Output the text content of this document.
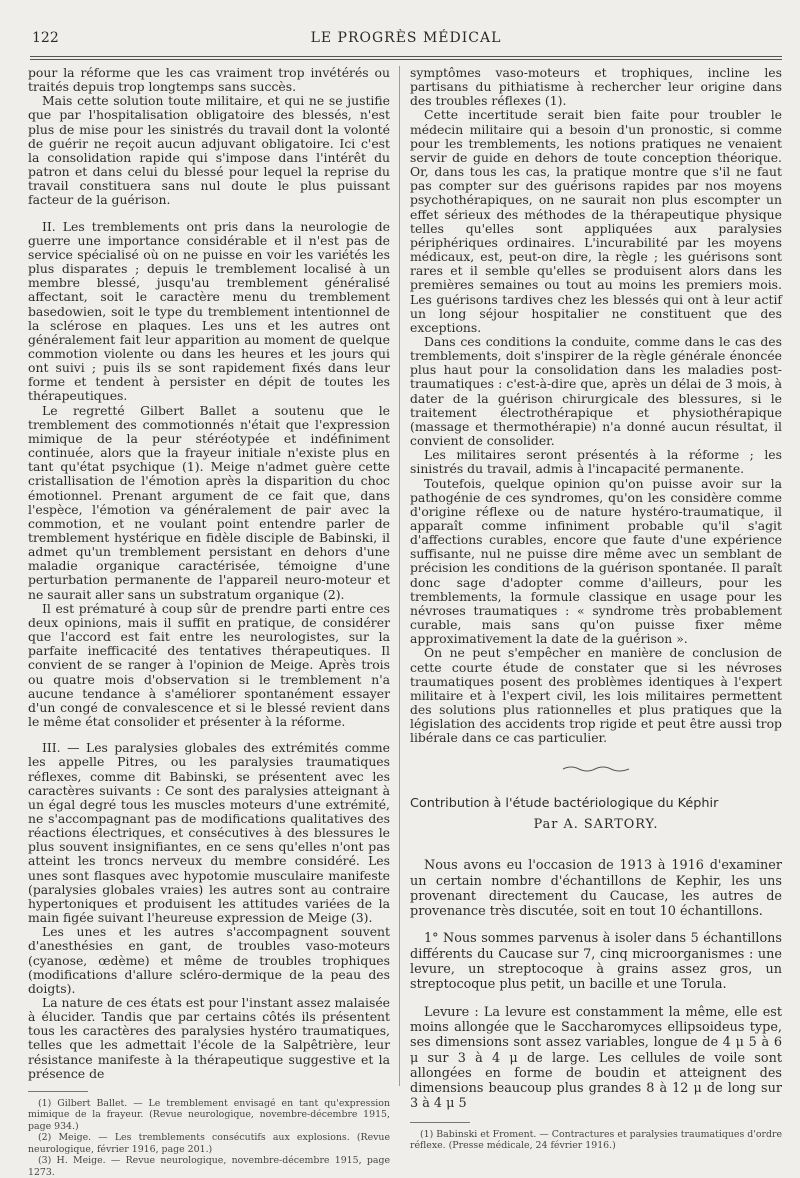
122	LE PROGRÈS MÉDICAL

pour la réforme que les cas vraiment trop invétérés ou traités depuis trop longtemps sans succès.

Mais cette solution toute militaire, et qui ne se justifie que par l'hospitalisation obligatoire des blessés, n'est plus de mise pour les sinistrés du travail dont la volonté de guérir ne reçoit aucun adjuvant obligatoire. Ici c'est la consolidation rapide qui s'impose dans l'intérêt du patron et dans celui du blessé pour lequel la reprise du travail constituera sans nul doute le plus puissant facteur de la guérison.

II. Les tremblements ont pris dans la neurologie de guerre une importance considérable et il n'est pas de service spécialisé où on ne puisse en voir les variétés les plus disparates ; depuis le tremblement localisé à un membre blessé, jusqu'au tremblement généralisé affectant, soit le caractère menu du tremblement basedowien, soit le type du tremblement intentionnel de la sclérose en plaques. Les uns et les autres ont généralement fait leur apparition au moment de quelque commotion violente ou dans les heures et les jours qui ont suivi ; puis ils se sont rapidement fixés dans leur forme et tendent à persister en dépit de toutes les thérapeutiques.

Le regretté Gilbert Ballet a soutenu que le tremblement des commotionnés n'était que l'expression mimique de la peur stéréotypée et indéfiniment continuée, alors que la frayeur initiale n'existe plus en tant qu'état psychique (1). Meige n'admet guère cette cristallisation de l'émotion après la disparition du choc émotionnel. Prenant argument de ce fait que, dans l'espèce, l'émotion va généralement de pair avec la commotion, et ne voulant point entendre parler de tremblement hystérique en fidèle disciple de Babinski, il admet qu'un tremblement persistant en dehors d'une maladie organique caractérisée, témoigne d'une perturbation permanente de l'appareil neuro-moteur et ne saurait aller sans un substratum organique (2).

Il est prématuré à coup sûr de prendre parti entre ces deux opinions, mais il suffit en pratique, de considérer que l'accord est fait entre les neurologistes, sur la parfaite inefficacité des tentatives thérapeutiques. Il convient de se ranger à l'opinion de Meige. Après trois ou quatre mois d'observation si le tremblement n'a aucune tendance à s'améliorer spontanément essayer d'un congé de convalescence et si le blessé revient dans le même état consolider et présenter à la réforme.

III. — Les paralysies globales des extrémités comme les appelle Pitres, ou les paralysies traumatiques réflexes, comme dit Babinski, se présentent avec les caractères suivants : Ce sont des paralysies atteignant à un égal degré tous les muscles moteurs d'une extrémité, ne s'accompagnant pas de modifications qualitatives des réactions électriques, et consécutives à des blessures le plus souvent insignifiantes, en ce sens qu'elles n'ont pas atteint les troncs nerveux du membre considéré. Les unes sont flasques avec hypotomie musculaire manifeste (paralysies globales vraies) les autres sont au contraire hypertoniques et produisent les attitudes variées de la main figée suivant l'heureuse expression de Meige (3).

Les unes et les autres s'accompagnent souvent d'anesthésies en gant, de troubles vaso-moteurs (cyanose, œdème) et même de troubles trophiques (modifications d'allure scléro-dermique de la peau des doigts).

La nature de ces états est pour l'instant assez malaisée à élucider. Tandis que par certains côtés ils présentent tous les caractères des paralysies hystéro traumatiques, telles que les admettait l'école de la Salpêtrière, leur résistance manifeste à la thérapeutique suggestive et la présence de

(1) Gilbert Ballet. — Le tremblement envisagé en tant qu'expression mimique de la frayeur. (Revue neurologique, novembre-décembre 1915, page 934.)

(2) Meige. — Les tremblements consécutifs aux explosions. (Revue neurologique, février 1916, page 201.)

(3) H. Meige. — Revue neurologique, novembre-décembre 1915, page 1273.

symptômes vaso-moteurs et trophiques, incline les partisans du pithiatisme à rechercher leur origine dans des troubles réflexes (1).

Cette incertitude serait bien faite pour troubler le médecin militaire qui a besoin d'un pronostic, si comme pour les tremblements, les notions pratiques ne venaient servir de guide en dehors de toute conception théorique. Or, dans tous les cas, la pratique montre que s'il ne faut pas compter sur des guérisons rapides par nos moyens psychothérapiques, on ne saurait non plus escompter un effet sérieux des méthodes de la thérapeutique physique telles qu'elles sont appliquées aux paralysies périphériques ordinaires. L'incurabilité par les moyens médicaux, est, peut-on dire, la règle ; les guérisons sont rares et il semble qu'elles se produisent alors dans les premières semaines ou tout au moins les premiers mois. Les guérisons tardives chez les blessés qui ont à leur actif un long séjour hospitalier ne constituent que des exceptions.

Dans ces conditions la conduite, comme dans le cas des tremblements, doit s'inspirer de la règle générale énoncée plus haut pour la consolidation dans les maladies post-traumatiques : c'est-à-dire que, après un délai de 3 mois, à dater de la guérison chirurgicale des blessures, si le traitement électrothérapique et physiothérapique (massage et thermothérapie) n'a donné aucun résultat, il convient de consolider.

Les militaires seront présentés à la réforme ; les sinistrés du travail, admis à l'incapacité permanente.

Toutefois, quelque opinion qu'on puisse avoir sur la pathogénie de ces syndromes, qu'on les considère comme d'origine réflexe ou de nature hystéro-traumatique, il apparaît comme infiniment probable qu'il s'agit d'affections curables, encore que faute d'une expérience suffisante, nul ne puisse dire même avec un semblant de précision les conditions de la guérison spontanée. Il paraît donc sage d'adopter comme d'ailleurs, pour les tremblements, la formule classique en usage pour les névroses traumatiques : « syndrome très probablement curable, mais sans qu'on puisse fixer même approximativement la date de la guérison ».

On ne peut s'empêcher en manière de conclusion de cette courte étude de constater que si les névroses traumatiques posent des problèmes identiques à l'expert militaire et à l'expert civil, les lois militaires permettent des solutions plus rationnelles et plus pratiques que la législation des accidents trop rigide et peut être aussi trop libérale dans ce cas particulier.

Contribution à l'étude bactériologique du Képhir

Par A. SARTORY.

Nous avons eu l'occasion de 1913 à 1916 d'examiner un certain nombre d'échantillons de Kephir, les uns provenant directement du Caucase, les autres de provenance très discutée, soit en tout 10 échantillons.

1° Nous sommes parvenus à isoler dans 5 échantillons différents du Caucase sur 7, cinq microorganismes : une levure, un streptocoque à grains assez gros, un streptocoque plus petit, un bacille et une Torula.

Levure : La levure est constamment la même, elle est moins allongée que le Saccharomyces ellipsoideus type, ses dimensions sont assez variables, longue de 4 μ 5 à 6 μ sur 3 à 4 μ de large. Les cellules de voile sont allongées en forme de boudin et atteignent des dimensions beaucoup plus grandes 8 à 12 μ de long sur 3 à 4 μ 5

(1) Babinski et Froment. — Contractures et paralysies traumatiques d'ordre réflexe. (Presse médicale, 24 février 1916.)
